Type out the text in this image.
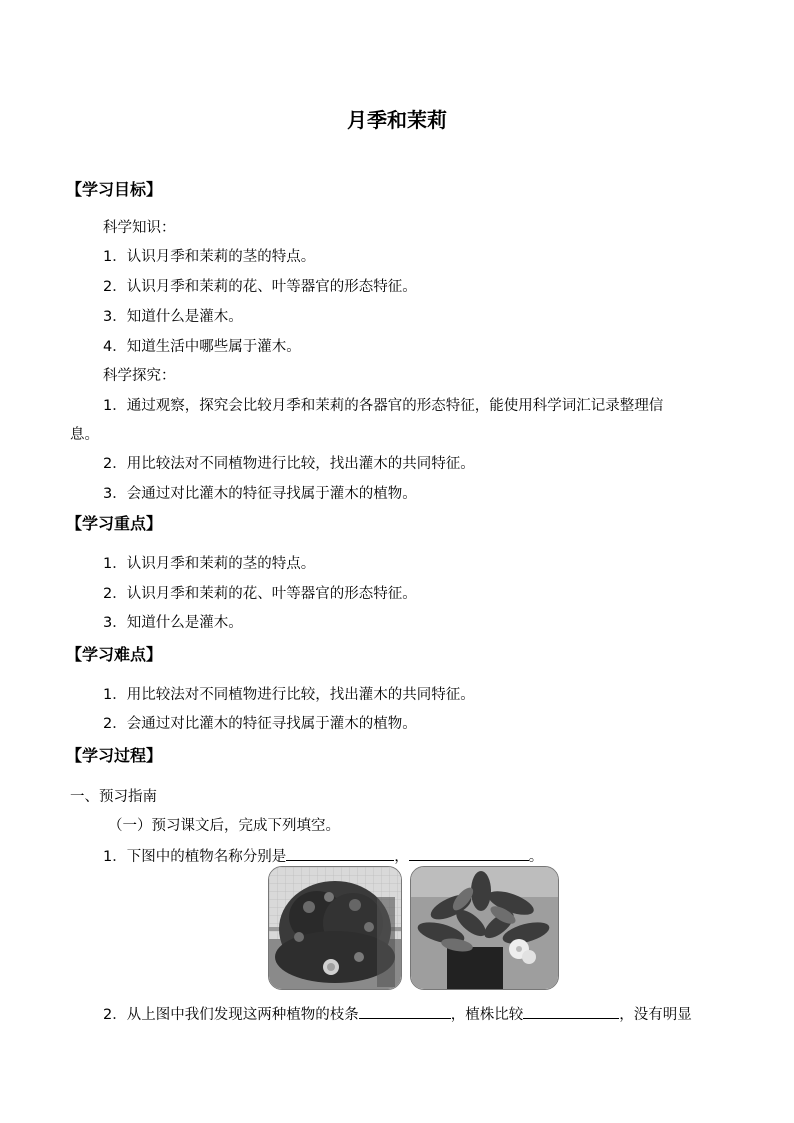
月季和茉莉
【学习目标】
科学知识：
1．认识月季和茉莉的茎的特点。
2．认识月季和茉莉的花、叶等器官的形态特征。
3．知道什么是灌木。
4．知道生活中哪些属于灌木。
科学探究：
1．通过观察，探究会比较月季和茉莉的各器官的形态特征，能使用科学词汇记录整理信
息。
2．用比较法对不同植物进行比较，找出灌木的共同特征。
3．会通过对比灌木的特征寻找属于灌木的植物。
【学习重点】
1．认识月季和茉莉的茎的特点。
2．认识月季和茉莉的花、叶等器官的形态特征。
3．知道什么是灌木。
【学习难点】
1．用比较法对不同植物进行比较，找出灌木的共同特征。
2．会通过对比灌木的特征寻找属于灌木的植物。
【学习过程】
一、预习指南
（一）预习课文后，完成下列填空。
1．下图中的植物名称分别是	，	。
2．从上图中我们发现这两种植物的枝条	，植株比较	，没有明显
